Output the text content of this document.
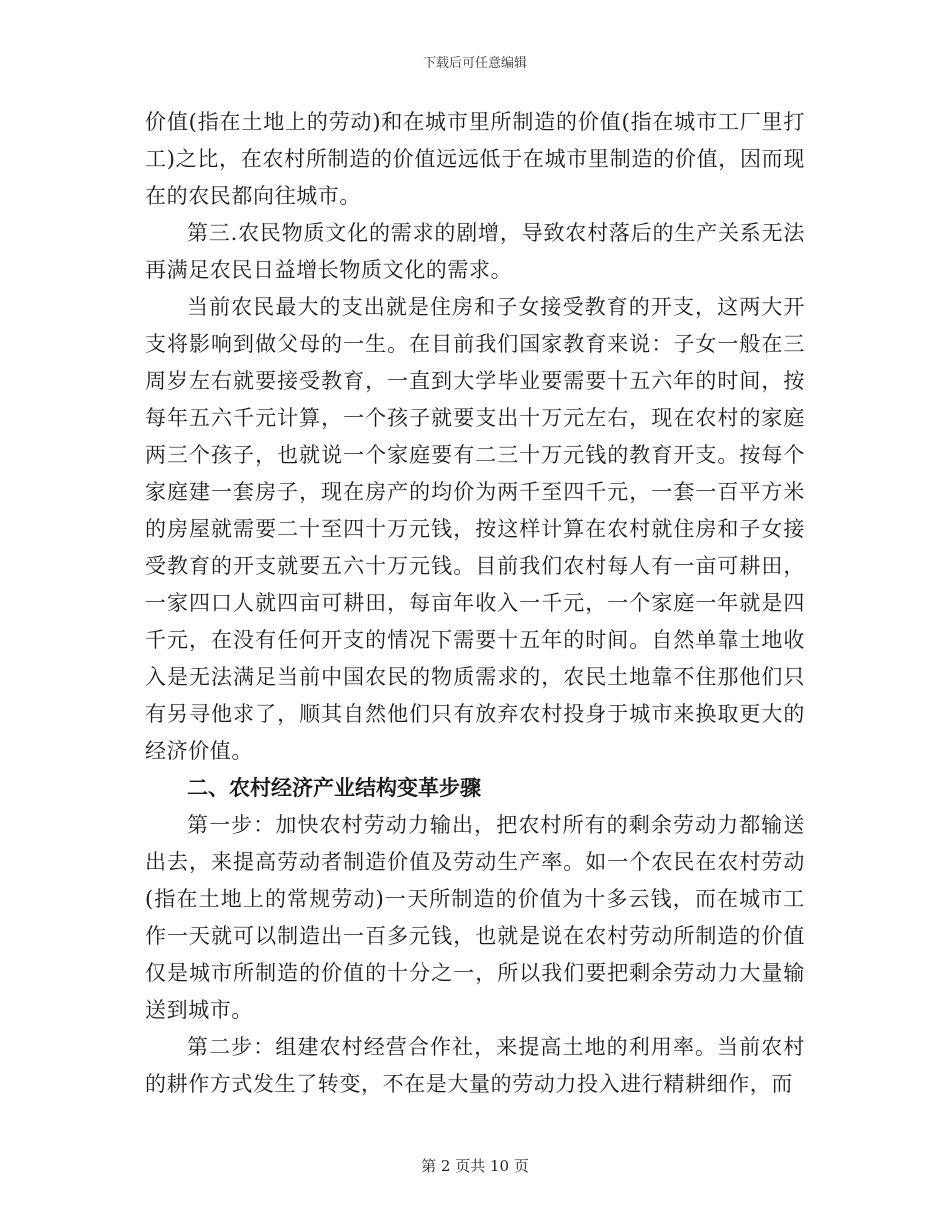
下载后可任意编辑

价值(指在土地上的劳动)和在城市里所制造的价值(指在城市工厂里打工)之比，在农村所制造的价值远远低于在城市里制造的价值，因而现在的农民都向往城市。

第三.农民物质文化的需求的剧增，导致农村落后的生产关系无法再满足农民日益增长物质文化的需求。

当前农民最大的支出就是住房和子女接受教育的开支，这两大开支将影响到做父母的一生。在目前我们国家教育来说：子女一般在三周岁左右就要接受教育，一直到大学毕业要需要十五六年的时间，按每年五六千元计算，一个孩子就要支出十万元左右，现在农村的家庭两三个孩子，也就说一个家庭要有二三十万元钱的教育开支。按每个家庭建一套房子，现在房产的均价为两千至四千元，一套一百平方米的房屋就需要二十至四十万元钱，按这样计算在农村就住房和子女接受教育的开支就要五六十万元钱。目前我们农村每人有一亩可耕田，一家四口人就四亩可耕田，每亩年收入一千元，一个家庭一年就是四千元，在没有任何开支的情况下需要十五年的时间。自然单靠土地收入是无法满足当前中国农民的物质需求的，农民土地靠不住那他们只有另寻他求了，顺其自然他们只有放弃农村投身于城市来换取更大的经济价值。

二、农村经济产业结构变革步骤

第一步：加快农村劳动力输出，把农村所有的剩余劳动力都输送出去，来提高劳动者制造价值及劳动生产率。如一个农民在农村劳动(指在土地上的常规劳动)一天所制造的价值为十多云钱，而在城市工作一天就可以制造出一百多元钱，也就是说在农村劳动所制造的价值仅是城市所制造的价值的十分之一，所以我们要把剩余劳动力大量输送到城市。

第二步：组建农村经营合作社，来提高土地的利用率。当前农村的耕作方式发生了转变，不在是大量的劳动力投入进行精耕细作，而

第 2 页共 10 页
